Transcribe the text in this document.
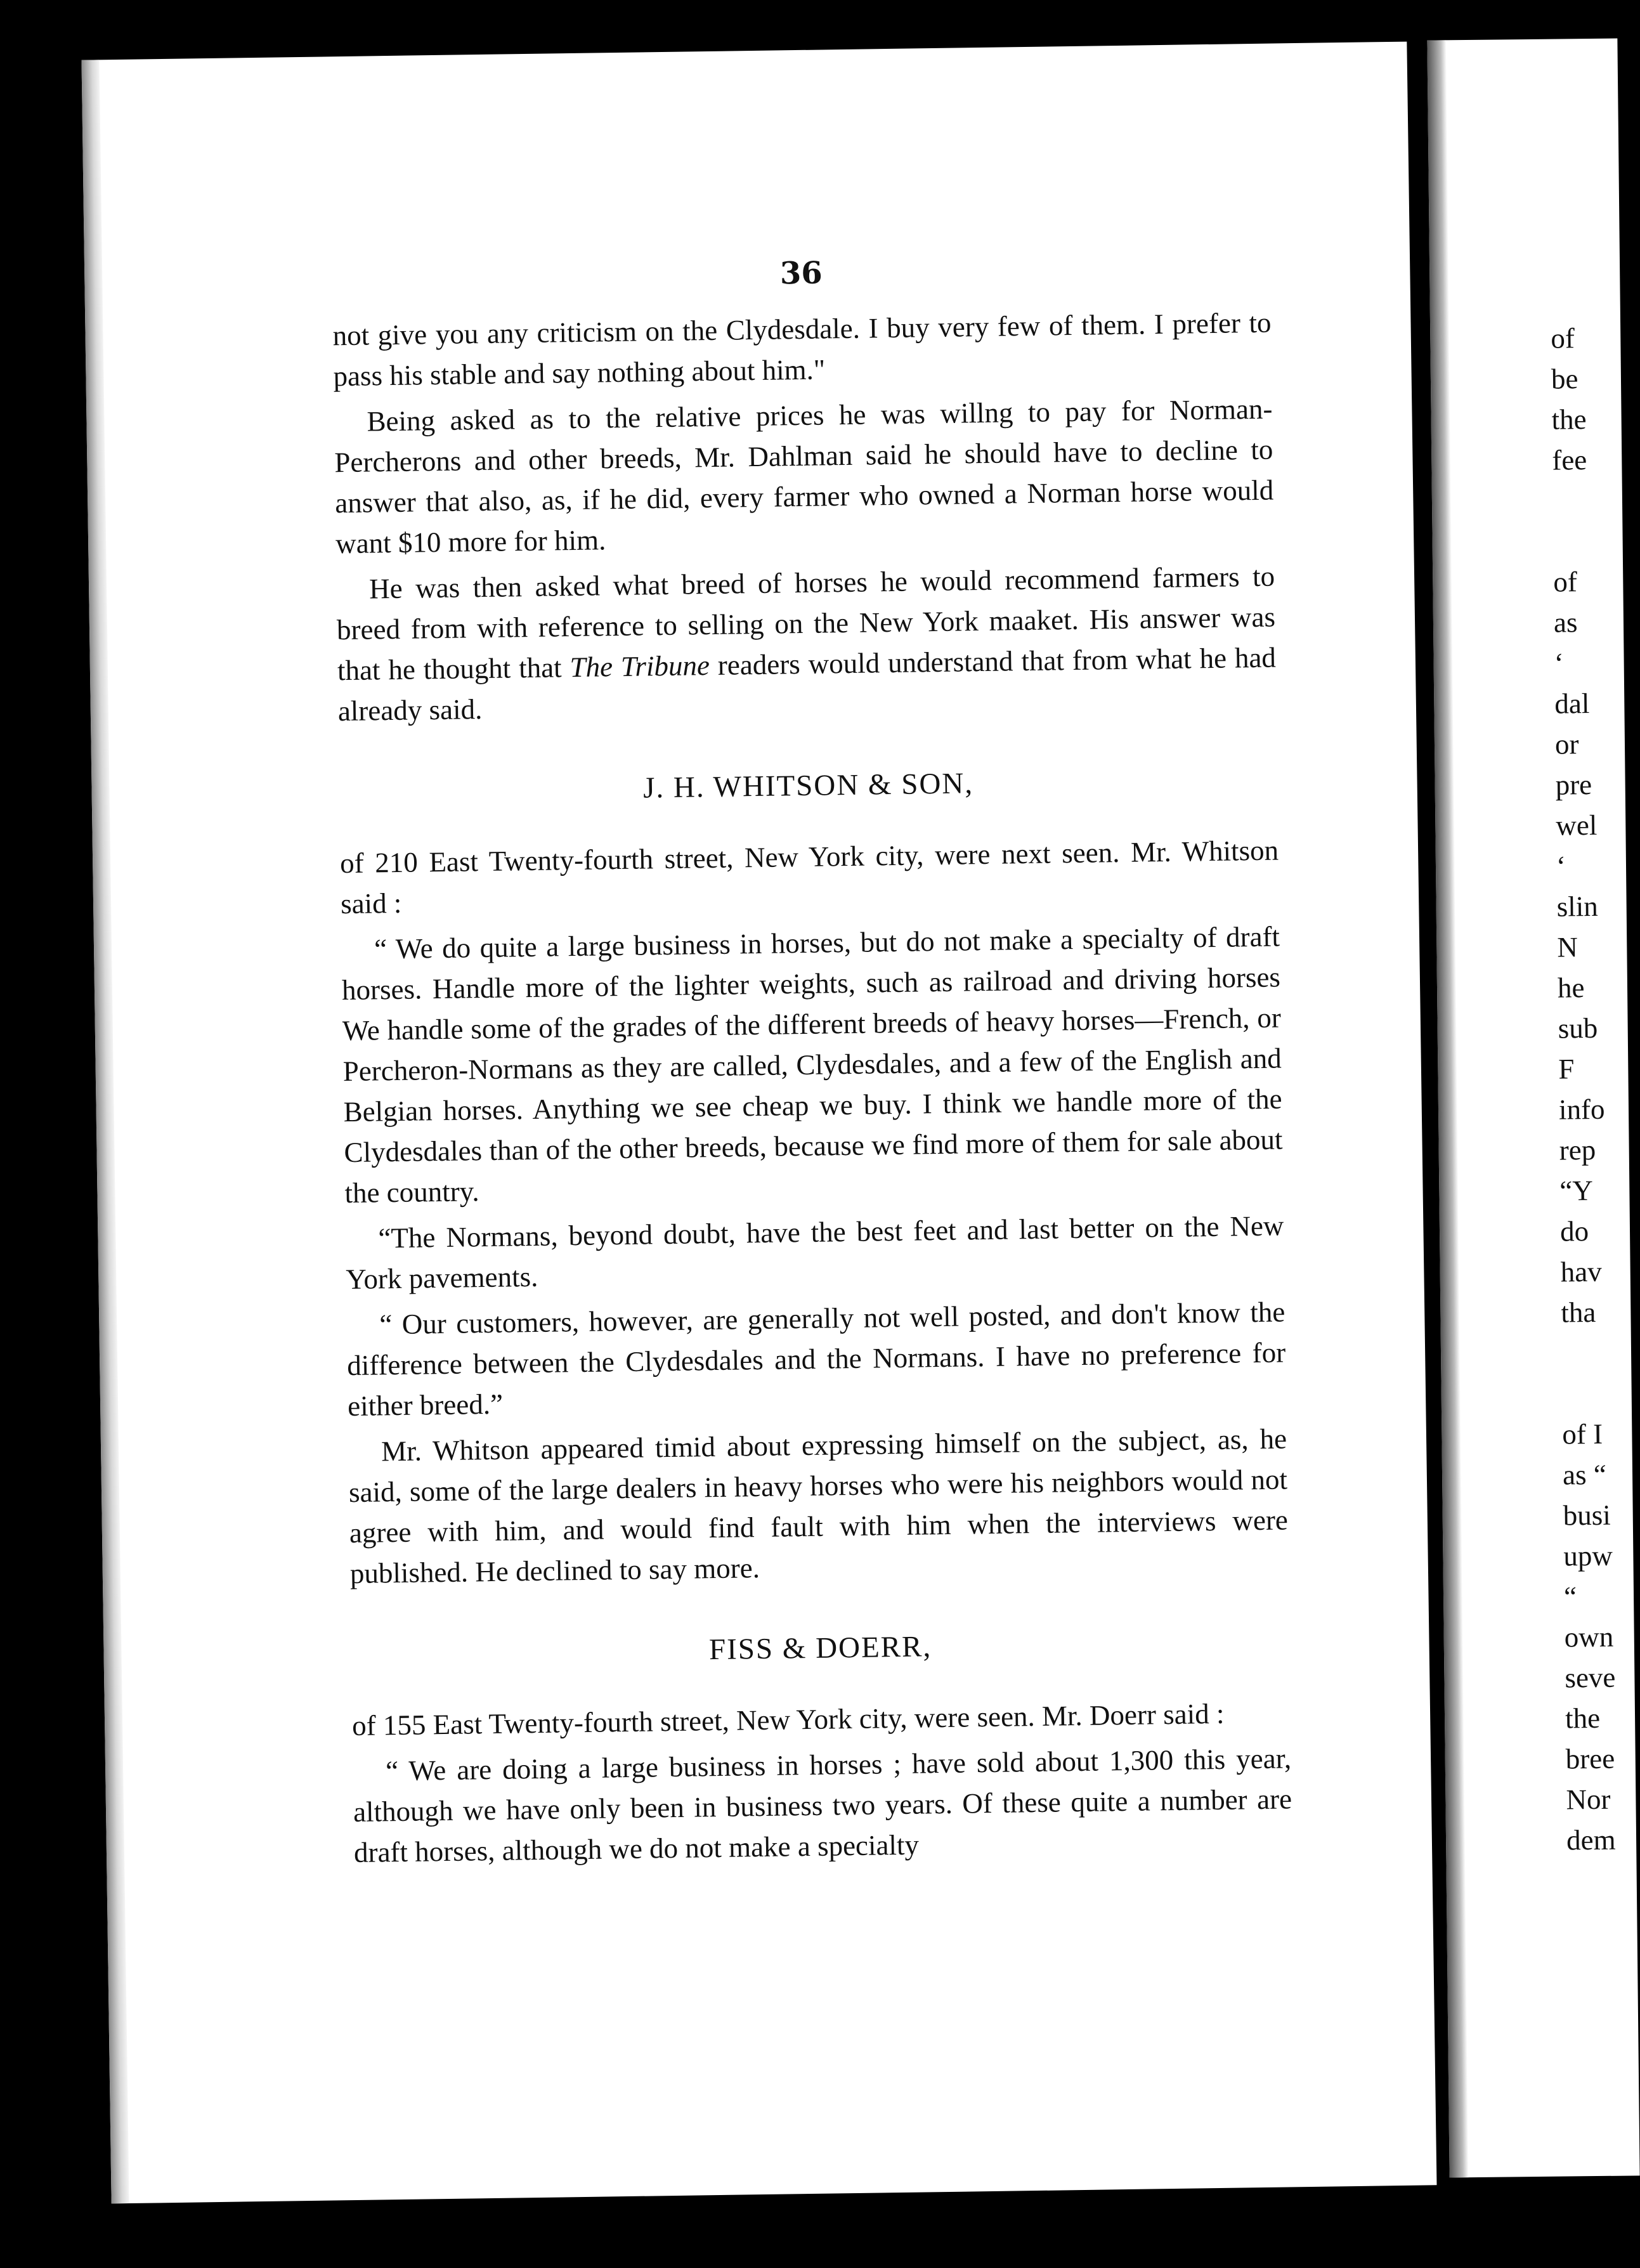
36

not give you any criticism on the Clydesdale. I buy very few of them. I prefer to pass his stable and say nothing about him."

Being asked as to the relative prices he was willng to pay for Norman-Percherons and other breeds, Mr. Dahlman said he should have to decline to answer that also, as, if he did, every farmer who owned a Norman horse would want $10 more for him.

He was then asked what breed of horses he would recommend farmers to breed from with reference to selling on the New York maaket. His answer was that he thought that The Tribune readers would understand that from what he had already said.

J. H. WHITSON & SON,

of 210 East Twenty-fourth street, New York city, were next seen. Mr. Whitson said :

“ We do quite a large business in horses, but do not make a specialty of draft horses. Handle more of the lighter weights, such as railroad and driving horses We handle some of the grades of the different breeds of heavy horses—French, or Percheron-Normans as they are called, Clydesdales, and a few of the English and Belgian horses. Anything we see cheap we buy. I think we handle more of the Clydesdales than of the other breeds, because we find more of them for sale about the country.

“The Normans, beyond doubt, have the best feet and last better on the New York pavements.

“ Our customers, however, are generally not well posted, and don't know the difference between the Clydesdales and the Normans. I have no preference for either breed.”

Mr. Whitson appeared timid about expressing himself on the subject, as, he said, some of the large dealers in heavy horses who were his neighbors would not agree with him, and would find fault with him when the interviews were published. He declined to say more.

FISS & DOERR,

of 155 East Twenty-fourth street, New York city, were seen. Mr. Doerr said :

“ We are doing a large business in horses ; have sold about 1,300 this year, although we have only been in business two years. Of these quite a number are draft horses, although we do not make a specialty

of
be
the
fee
of
as
‘
dal
or
pre
wel
‘
slin
N
he
sub
F
info
rep
“Y
do
hav
tha
of I
as “
busi
upw
“
own
seve
the
bree
Nor
dem
